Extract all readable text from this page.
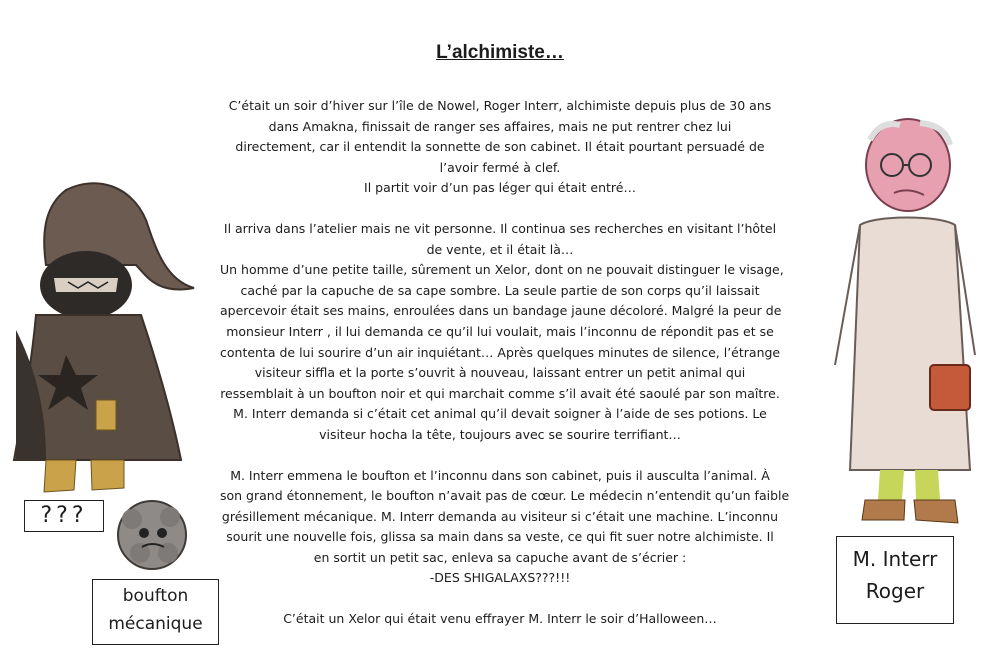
L’alchimiste…

C’était un soir d’hiver sur l’île de Nowel, Roger Interr, alchimiste depuis plus de 30 ans
dans Amakna, finissait de ranger ses affaires, mais ne put rentrer chez lui
directement, car il entendit la sonnette de son cabinet. Il était pourtant persuadé de
l’avoir fermé à clef.
Il partit voir d’un pas léger qui était entré…

Il arriva dans l’atelier mais ne vit personne. Il continua ses recherches en visitant l’hôtel
de vente, et il était là…
Un homme d’une petite taille, sûrement un Xelor, dont on ne pouvait distinguer le visage,
caché par la capuche de sa cape sombre. La seule partie de son corps qu’il laissait
apercevoir était ses mains, enroulées dans un bandage jaune décoloré. Malgré la peur de
monsieur Interr , il lui demanda ce qu’il lui voulait, mais l’inconnu de répondit pas et se
contenta de lui sourire d’un air inquiétant… Après quelques minutes de silence, l’étrange
visiteur siffla et la porte s’ouvrit à nouveau, laissant entrer un petit animal qui
ressemblait à un boufton noir et qui marchait comme s’il avait été saoulé par son maître.
M. Interr demanda si c’était cet animal qu’il devait soigner à l’aide de ses potions. Le
visiteur hocha la tête, toujours avec se sourire terrifiant…

M. Interr emmena le boufton et l’inconnu dans son cabinet, puis il ausculta l’animal. À
son grand étonnement, le boufton n’avait pas de cœur. Le médecin n’entendit qu’un faible
grésillement mécanique. M. Interr demanda au visiteur si c’était une machine. L’inconnu
sourit une nouvelle fois, glissa sa main dans sa veste, ce qui fit suer notre alchimiste. Il
en sortit un petit sac, enleva sa capuche avant de s’écrier :
-DES SHIGALAXS???!!!

C’était un Xelor qui était venu effrayer M. Interr le soir d’Halloween…

???
boufton
mécanique
M. Interr
Roger
